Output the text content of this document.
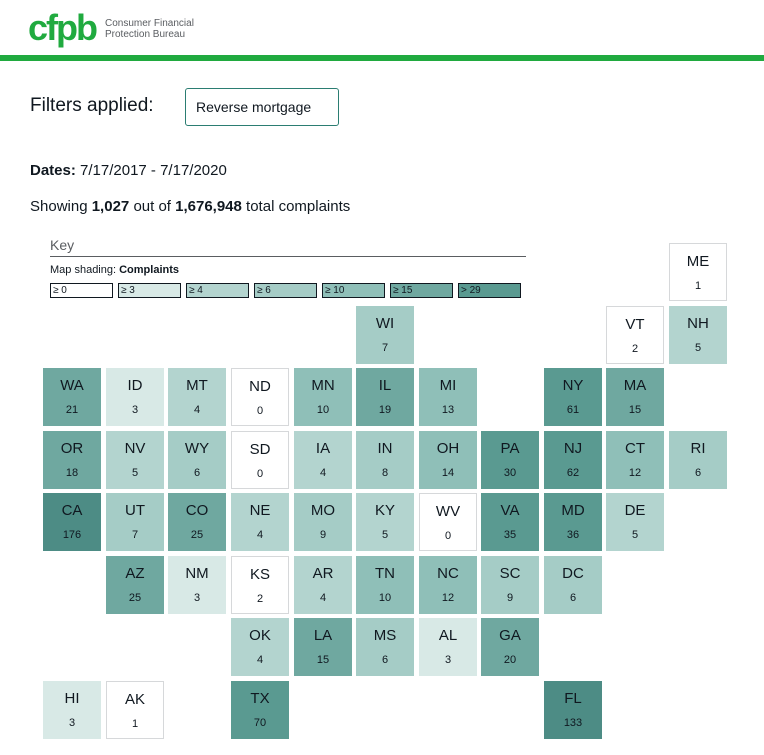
cfpb Consumer Financial
Protection Bureau
Filters applied:	Reverse mortgage
Dates: 7/17/2017 - 7/17/2020
Showing 1,027 out of 1,676,948 total complaints
Key
Map shading: Complaints
≥ 0	≥ 3	≥ 4	≥ 6	≥ 10	≥ 15	> 29
ME
1
WI
7
VT
2
NH
5
WA
21
ID
3
MT
4
ND
0
MN
10
IL
19
MI
13
NY
61
MA
15
OR
18
NV
5
WY
6
SD
0
IA
4
IN
8
OH
14
PA
30
NJ
62
CT
12
RI
6
CA
176
UT
7
CO
25
NE
4
MO
9
KY
5
WV
0
VA
35
MD
36
DE
5
AZ
25
NM
3
KS
2
AR
4
TN
10
NC
12
SC
9
DC
6
OK
4
LA
15
MS
6
AL
3
GA
20
HI
3
AK
1
TX
70
FL
133
